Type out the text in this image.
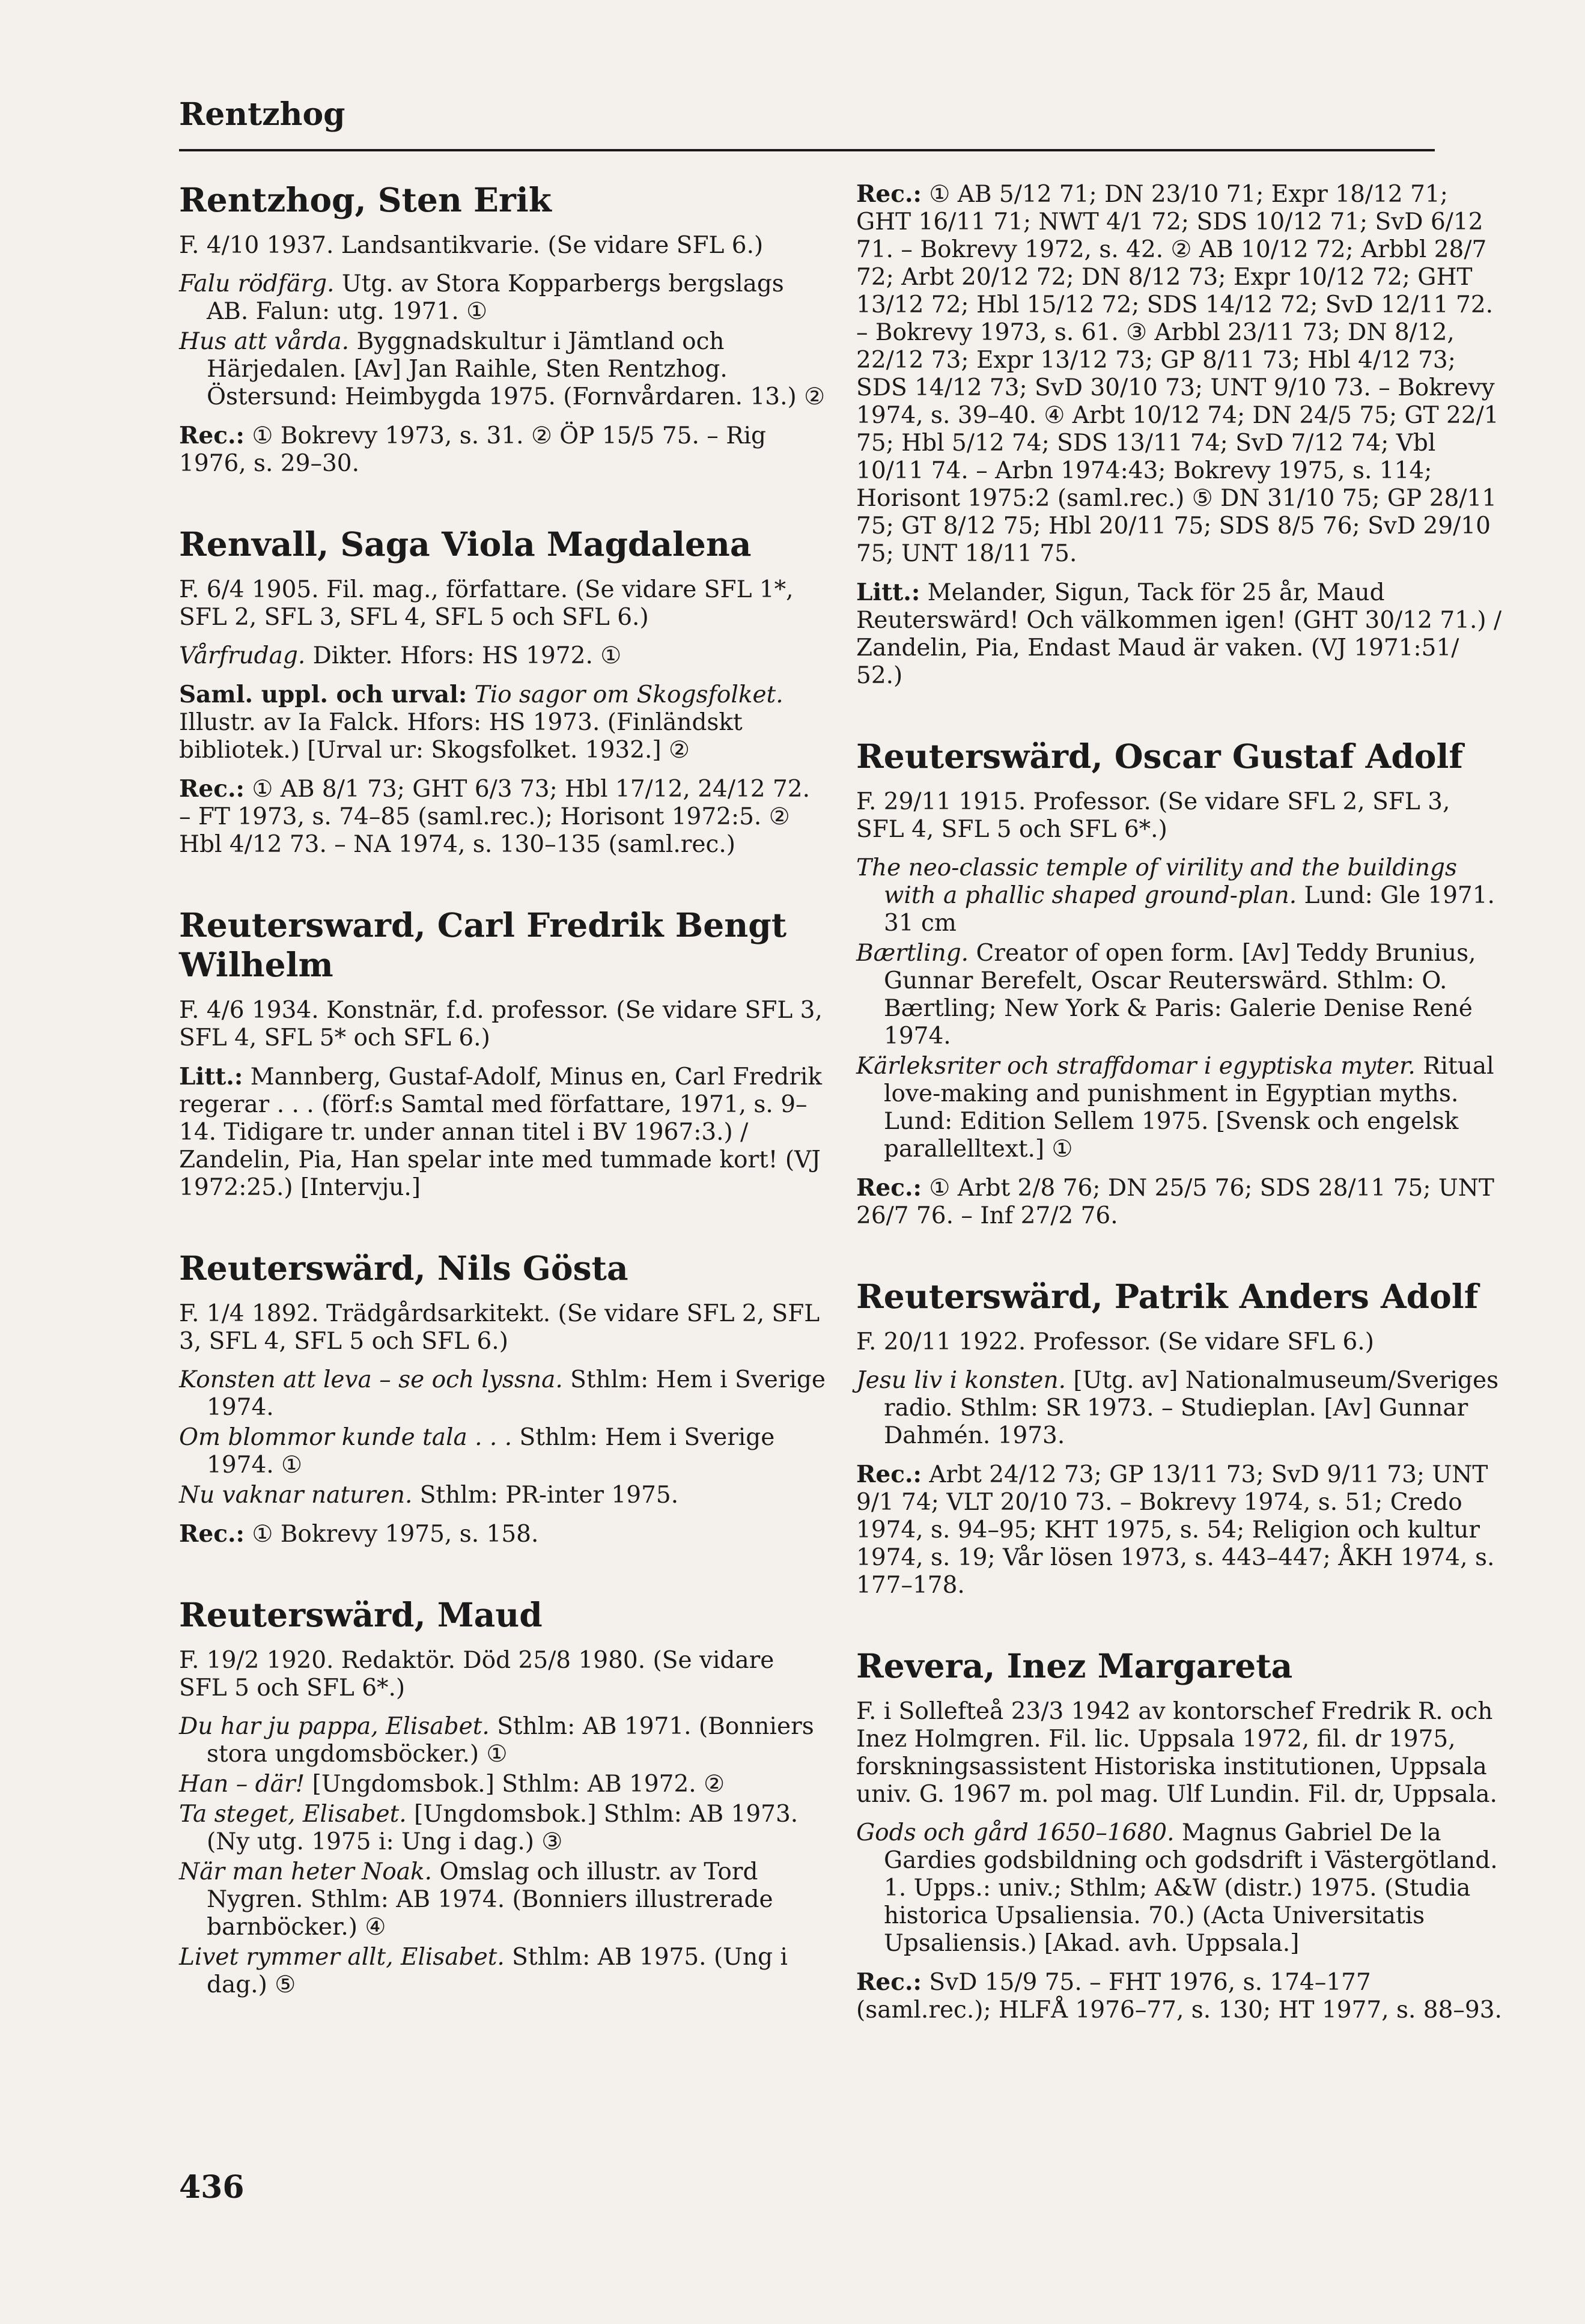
Rentzhog
Rentzhog, Sten Erik
F. 4/10 1937. Landsantikvarie. (Se vidare SFL 6.)
Falu rödfärg. Utg. av Stora Kopparbergs bergslags AB. Falun: utg. 1971. ①
Hus att vårda. Byggnadskultur i Jämtland och Härjedalen. [Av] Jan Raihle, Sten Rentzhog. Östersund: Heimbygda 1975. (Fornvårdaren. 13.) ②
Rec.: ① Bokrevy 1973, s. 31. ② ÖP 15/5 75. – Rig 1976, s. 29–30.
Renvall, Saga Viola Magdalena
F. 6/4 1905. Fil. mag., författare. (Se vidare SFL 1*, SFL 2, SFL 3, SFL 4, SFL 5 och SFL 6.)
Vårfrudag. Dikter. Hfors: HS 1972. ①
Saml. uppl. och urval: Tio sagor om Skogsfolket. Illustr. av Ia Falck. Hfors: HS 1973. (Finländskt bibliotek.) [Urval ur: Skogsfolket. 1932.] ②
Rec.: ① AB 8/1 73; GHT 6/3 73; Hbl 17/12, 24/12 72. – FT 1973, s. 74–85 (saml.rec.); Horisont 1972:5. ② Hbl 4/12 73. – NA 1974, s. 130–135 (saml.rec.)
Reutersward, Carl Fredrik Bengt Wilhelm
F. 4/6 1934. Konstnär, f.d. professor. (Se vidare SFL 3, SFL 4, SFL 5* och SFL 6.)
Litt.: Mannberg, Gustaf-Adolf, Minus en, Carl Fredrik regerar . . . (förf:s Samtal med författare, 1971, s. 9–14. Tidigare tr. under annan titel i BV 1967:3.) / Zandelin, Pia, Han spelar inte med tummade kort! (VJ 1972:25.) [Intervju.]
Reuterswärd, Nils Gösta
F. 1/4 1892. Trädgårdsarkitekt. (Se vidare SFL 2, SFL 3, SFL 4, SFL 5 och SFL 6.)
Konsten att leva – se och lyssna. Sthlm: Hem i Sverige 1974.
Om blommor kunde tala . . . Sthlm: Hem i Sverige 1974. ①
Nu vaknar naturen. Sthlm: PR-inter 1975.
Rec.: ① Bokrevy 1975, s. 158.
Reuterswärd, Maud
F. 19/2 1920. Redaktör. Död 25/8 1980. (Se vidare SFL 5 och SFL 6*.)
Du har ju pappa, Elisabet. Sthlm: AB 1971. (Bonniers stora ungdomsböcker.) ①
Han – där! [Ungdomsbok.] Sthlm: AB 1972. ②
Ta steget, Elisabet. [Ungdomsbok.] Sthlm: AB 1973. (Ny utg. 1975 i: Ung i dag.) ③
När man heter Noak. Omslag och illustr. av Tord Nygren. Sthlm: AB 1974. (Bonniers illustrerade barnböcker.) ④
Livet rymmer allt, Elisabet. Sthlm: AB 1975. (Ung i dag.) ⑤
Rec.: ① AB 5/12 71; DN 23/10 71; Expr 18/12 71; GHT 16/11 71; NWT 4/1 72; SDS 10/12 71; SvD 6/12 71. – Bokrevy 1972, s. 42. ② AB 10/12 72; Arbbl 28/7 72; Arbt 20/12 72; DN 8/12 73; Expr 10/12 72; GHT 13/12 72; Hbl 15/12 72; SDS 14/12 72; SvD 12/11 72. – Bokrevy 1973, s. 61. ③ Arbbl 23/11 73; DN 8/12, 22/12 73; Expr 13/12 73; GP 8/11 73; Hbl 4/12 73; SDS 14/12 73; SvD 30/10 73; UNT 9/10 73. – Bokrevy 1974, s. 39–40. ④ Arbt 10/12 74; DN 24/5 75; GT 22/1 75; Hbl 5/12 74; SDS 13/11 74; SvD 7/12 74; Vbl 10/11 74. – Arbn 1974:43; Bokrevy 1975, s. 114; Horisont 1975:2 (saml.rec.) ⑤ DN 31/10 75; GP 28/11 75; GT 8/12 75; Hbl 20/11 75; SDS 8/5 76; SvD 29/10 75; UNT 18/11 75.
Litt.: Melander, Sigun, Tack för 25 år, Maud Reuterswärd! Och välkommen igen! (GHT 30/12 71.) / Zandelin, Pia, Endast Maud är vaken. (VJ 1971:51/ 52.)
Reuterswärd, Oscar Gustaf Adolf
F. 29/11 1915. Professor. (Se vidare SFL 2, SFL 3, SFL 4, SFL 5 och SFL 6*.)
The neo-classic temple of virility and the buildings with a phallic shaped ground-plan. Lund: Gle 1971. 31 cm
Bærtling. Creator of open form. [Av] Teddy Brunius, Gunnar Berefelt, Oscar Reuterswärd. Sthlm: O. Bærtling; New York & Paris: Galerie Denise René 1974.
Kärleksriter och straffdomar i egyptiska myter. Ritual love-making and punishment in Egyptian myths. Lund: Edition Sellem 1975. [Svensk och engelsk parallelltext.] ①
Rec.: ① Arbt 2/8 76; DN 25/5 76; SDS 28/11 75; UNT 26/7 76. – Inf 27/2 76.
Reuterswärd, Patrik Anders Adolf
F. 20/11 1922. Professor. (Se vidare SFL 6.)
Jesu liv i konsten. [Utg. av] Nationalmuseum/Sveriges radio. Sthlm: SR 1973. – Studieplan. [Av] Gunnar Dahmén. 1973.
Rec.: Arbt 24/12 73; GP 13/11 73; SvD 9/11 73; UNT 9/1 74; VLT 20/10 73. – Bokrevy 1974, s. 51; Credo 1974, s. 94–95; KHT 1975, s. 54; Religion och kultur 1974, s. 19; Vår lösen 1973, s. 443–447; ÅKH 1974, s. 177–178.
Revera, Inez Margareta
F. i Sollefteå 23/3 1942 av kontorschef Fredrik R. och Inez Holmgren. Fil. lic. Uppsala 1972, fil. dr 1975, forskningsassistent Historiska institutionen, Uppsala univ. G. 1967 m. pol mag. Ulf Lundin. Fil. dr, Uppsala.
Gods och gård 1650–1680. Magnus Gabriel De la Gardies godsbildning och godsdrift i Västergötland. 1. Upps.: univ.; Sthlm; A&W (distr.) 1975. (Studia historica Upsaliensia. 70.) (Acta Universitatis Upsaliensis.) [Akad. avh. Uppsala.]
Rec.: SvD 15/9 75. – FHT 1976, s. 174–177 (saml.rec.); HLFÅ 1976–77, s. 130; HT 1977, s. 88–93.
436
